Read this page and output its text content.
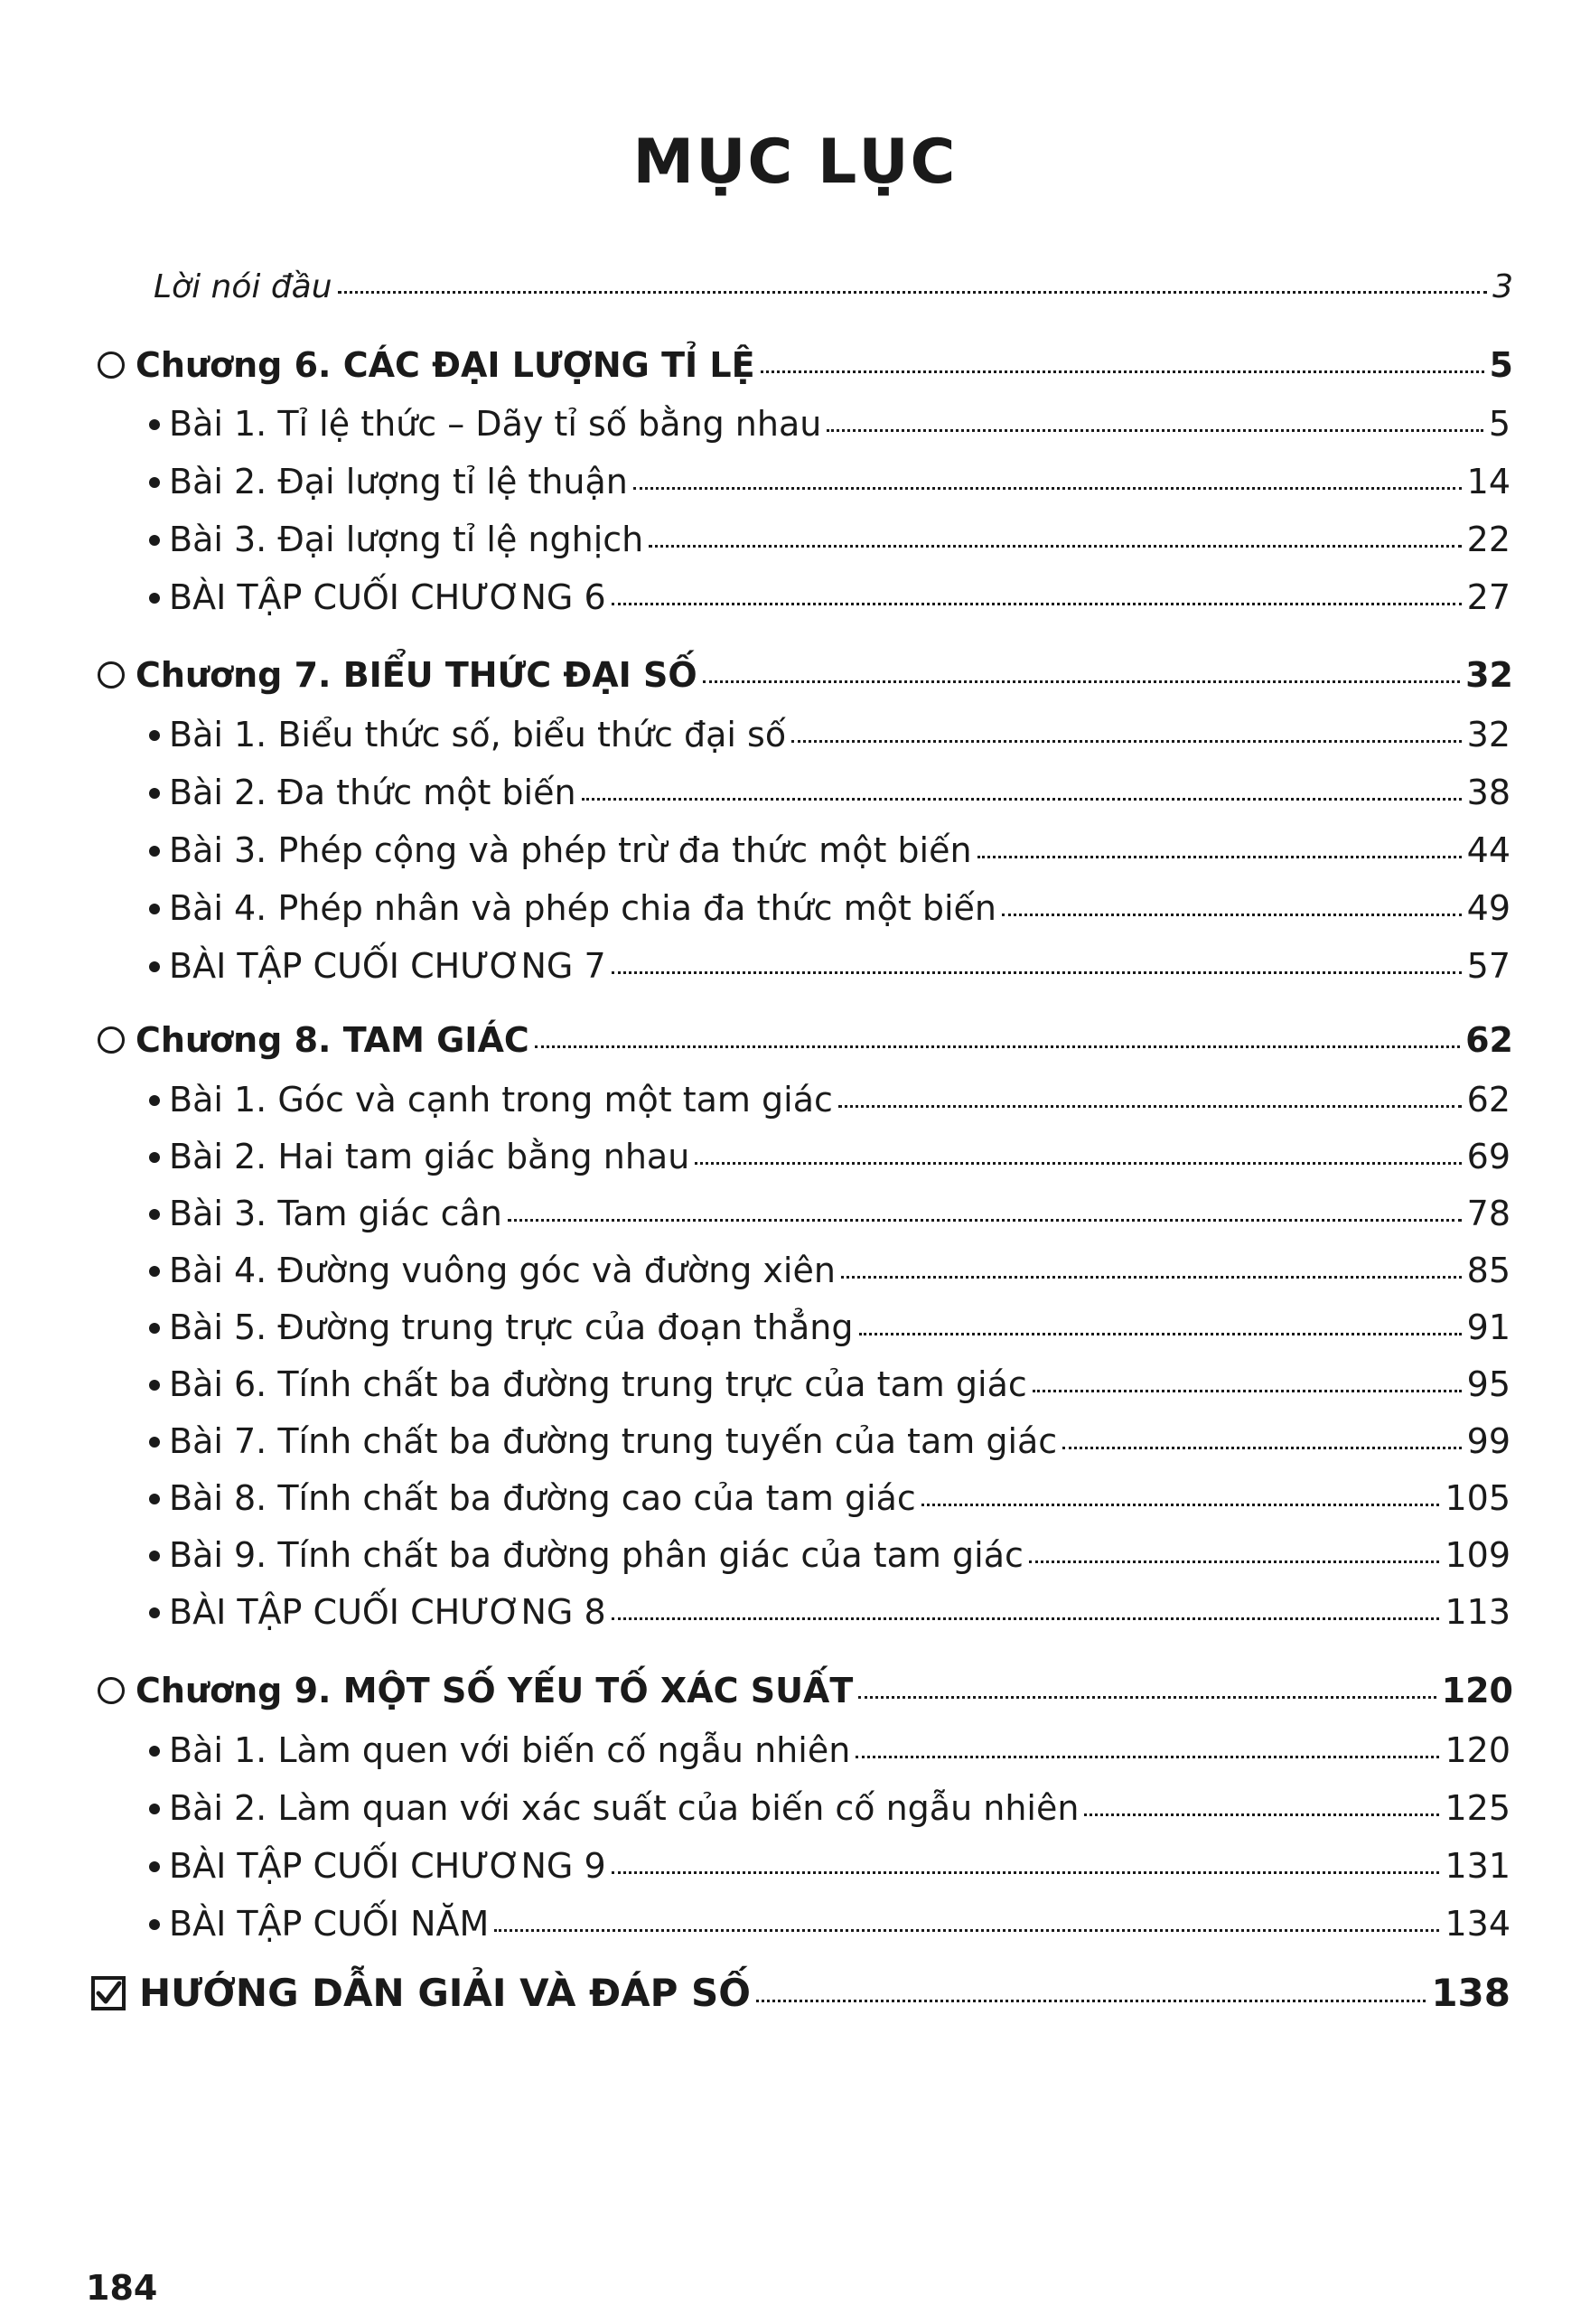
MỤC LỤC
Lời nói đầu	3
Chương 6. CÁC ĐẠI LƯỢNG TỈ LỆ	5
Bài 1. Tỉ lệ thức – Dãy tỉ số bằng nhau	5
Bài 2. Đại lượng tỉ lệ thuận	14
Bài 3. Đại lượng tỉ lệ nghịch	22
BÀI TẬP CUỐI CHƯƠNG 6	27
Chương 7. BIỂU THỨC ĐẠI SỐ	32
Bài 1. Biểu thức số, biểu thức đại số	32
Bài 2. Đa thức một biến	38
Bài 3. Phép cộng và phép trừ đa thức một biến	44
Bài 4. Phép nhân và phép chia đa thức một biến	49
BÀI TẬP CUỐI CHƯƠNG 7	57
Chương 8. TAM GIÁC	62
Bài 1. Góc và cạnh trong một tam giác	62
Bài 2. Hai tam giác bằng nhau	69
Bài 3. Tam giác cân	78
Bài 4. Đường vuông góc và đường xiên	85
Bài 5. Đường trung trực của đoạn thẳng	91
Bài 6. Tính chất ba đường trung trực của tam giác	95
Bài 7. Tính chất ba đường trung tuyến của tam giác	99
Bài 8. Tính chất ba đường cao của tam giác	105
Bài 9. Tính chất ba đường phân giác của tam giác	109
BÀI TẬP CUỐI CHƯƠNG 8	113
Chương 9. MỘT SỐ YẾU TỐ XÁC SUẤT	120
Bài 1. Làm quen với biến cố ngẫu nhiên	120
Bài 2. Làm quan với xác suất của biến cố ngẫu nhiên	125
BÀI TẬP CUỐI CHƯƠNG 9	131
BÀI TẬP CUỐI NĂM	134
HƯỚNG DẪN GIẢI VÀ ĐÁP SỐ	138
184
